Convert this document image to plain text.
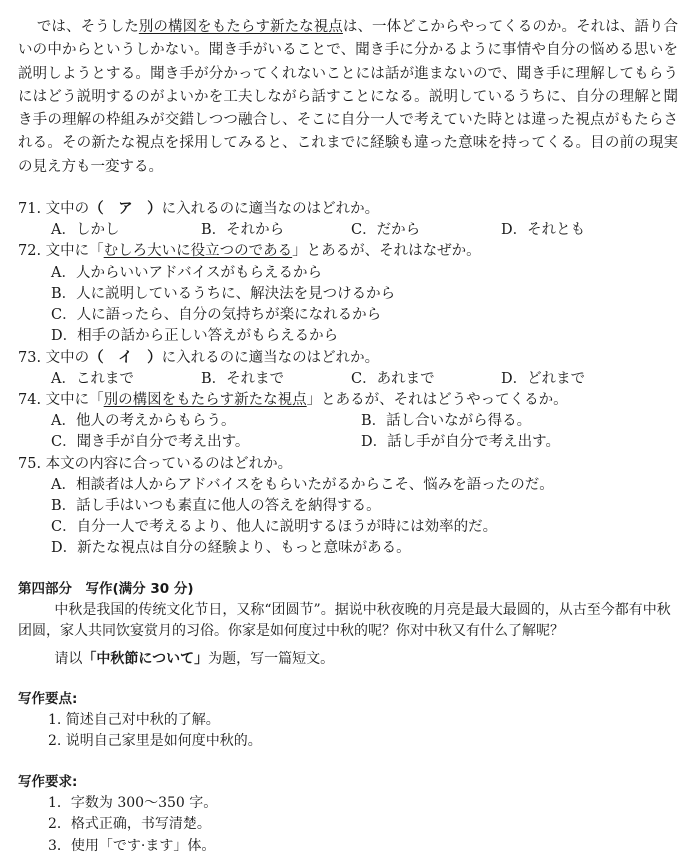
では、そうした別の構図をもたらす新たな視点は、一体どこからやってくるのか。それは、語り合いの中からというしかない。聞き手がいることで、聞き手に分かるように事情や自分の悩める思いを説明しようとする。聞き手が分かってくれないことには話が進まないので、聞き手に理解してもらうにはどう説明するのがよいかを工夫しながら話すことになる。説明しているうちに、自分の理解と聞き手の理解の枠組みが交錯しつつ融合し、そこに自分一人で考えていた時とは違った視点がもたらされる。その新たな視点を採用してみると、これまでに経験も違った意味を持ってくる。目の前の現実の見え方も一変する。

71. 文中の（　ア　）に入れるのに適当なのはどれか。
A．しかし	B．それから	C．だから	D．それとも
72. 文中に「むしろ大いに役立つのである」とあるが、それはなぜか。
A．人からいいアドバイスがもらえるから
B．人に説明しているうちに、解決法を見つけるから
C．人に語ったら、自分の気持ちが楽になれるから
D．相手の話から正しい答えがもらえるから
73. 文中の（　イ　）に入れるのに適当なのはどれか。
A．これまで	B．それまで	C．あれまで	D．どれまで
74. 文中に「別の構図をもたらす新たな視点」とあるが、それはどうやってくるか。
A．他人の考えからもらう。	B．話し合いながら得る。
C．聞き手が自分で考え出す。	D．話し手が自分で考え出す。
75. 本文の内容に合っているのはどれか。
A．相談者は人からアドバイスをもらいたがるからこそ、悩みを語ったのだ。
B．話し手はいつも素直に他人の答えを納得する。
C．自分一人で考えるより、他人に説明するほうが時には効率的だ。
D．新たな視点は自分の経験より、もっと意味がある。
第四部分　写作(满分 30 分)

中秋是我国的传统文化节日，又称“团圆节”。据说中秋夜晚的月亮是最大最圆的，从古至今都有中秋团圆，家人共同饮宴赏月的习俗。你家是如何度过中秋的呢？你对中秋又有什么了解呢？

请以「中秋節について」为题，写一篇短文。
写作要点:
1. 简述自己对中秋的了解。
2. 说明自己家里是如何度中秋的。
写作要求:
1．字数为 300～350 字。
2．格式正确，书写清楚。
3．使用「です·ます」体。
